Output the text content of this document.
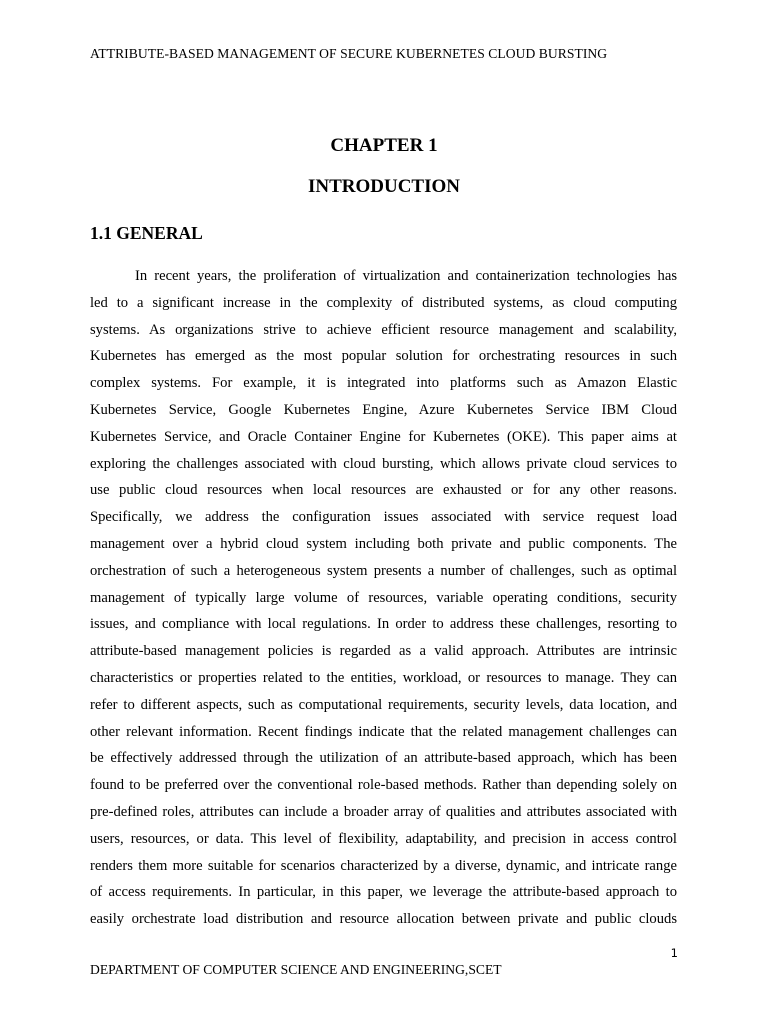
ATTRIBUTE-BASED MANAGEMENT OF SECURE KUBERNETES CLOUD BURSTING
CHAPTER 1
INTRODUCTION
1.1 GENERAL
In recent years, the proliferation of virtualization and containerization technologies has
led to a significant increase in the complexity of distributed systems, as cloud computing
systems. As organizations strive to achieve efficient resource management and scalability,
Kubernetes has emerged as the most popular solution for orchestrating resources in such
complex systems. For example, it is integrated into platforms such as Amazon Elastic
Kubernetes Service, Google Kubernetes Engine, Azure Kubernetes Service IBM Cloud
Kubernetes Service, and Oracle Container Engine for Kubernetes (OKE). This paper aims at
exploring the challenges associated with cloud bursting, which allows private cloud services to
use public cloud resources when local resources are exhausted or for any other reasons.
Specifically, we address the configuration issues associated with service request load
management over a hybrid cloud system including both private and public components. The
orchestration of such a heterogeneous system presents a number of challenges, such as optimal
management of typically large volume of resources, variable operating conditions, security
issues, and compliance with local regulations. In order to address these challenges, resorting to
attribute-based management policies is regarded as a valid approach. Attributes are intrinsic
characteristics or properties related to the entities, workload, or resources to manage. They can
refer to different aspects, such as computational requirements, security levels, data location, and
other relevant information. Recent findings indicate that the related management challenges can
be effectively addressed through the utilization of an attribute-based approach, which has been
found to be preferred over the conventional role-based methods. Rather than depending solely on
pre-defined roles, attributes can include a broader array of qualities and attributes associated with
users, resources, or data. This level of flexibility, adaptability, and precision in access control
renders them more suitable for scenarios characterized by a diverse, dynamic, and intricate range
of access requirements. In particular, in this paper, we leverage the attribute-based approach to
easily orchestrate load distribution and resource allocation between private and public clouds
1
DEPARTMENT OF COMPUTER SCIENCE AND ENGINEERING,SCET
